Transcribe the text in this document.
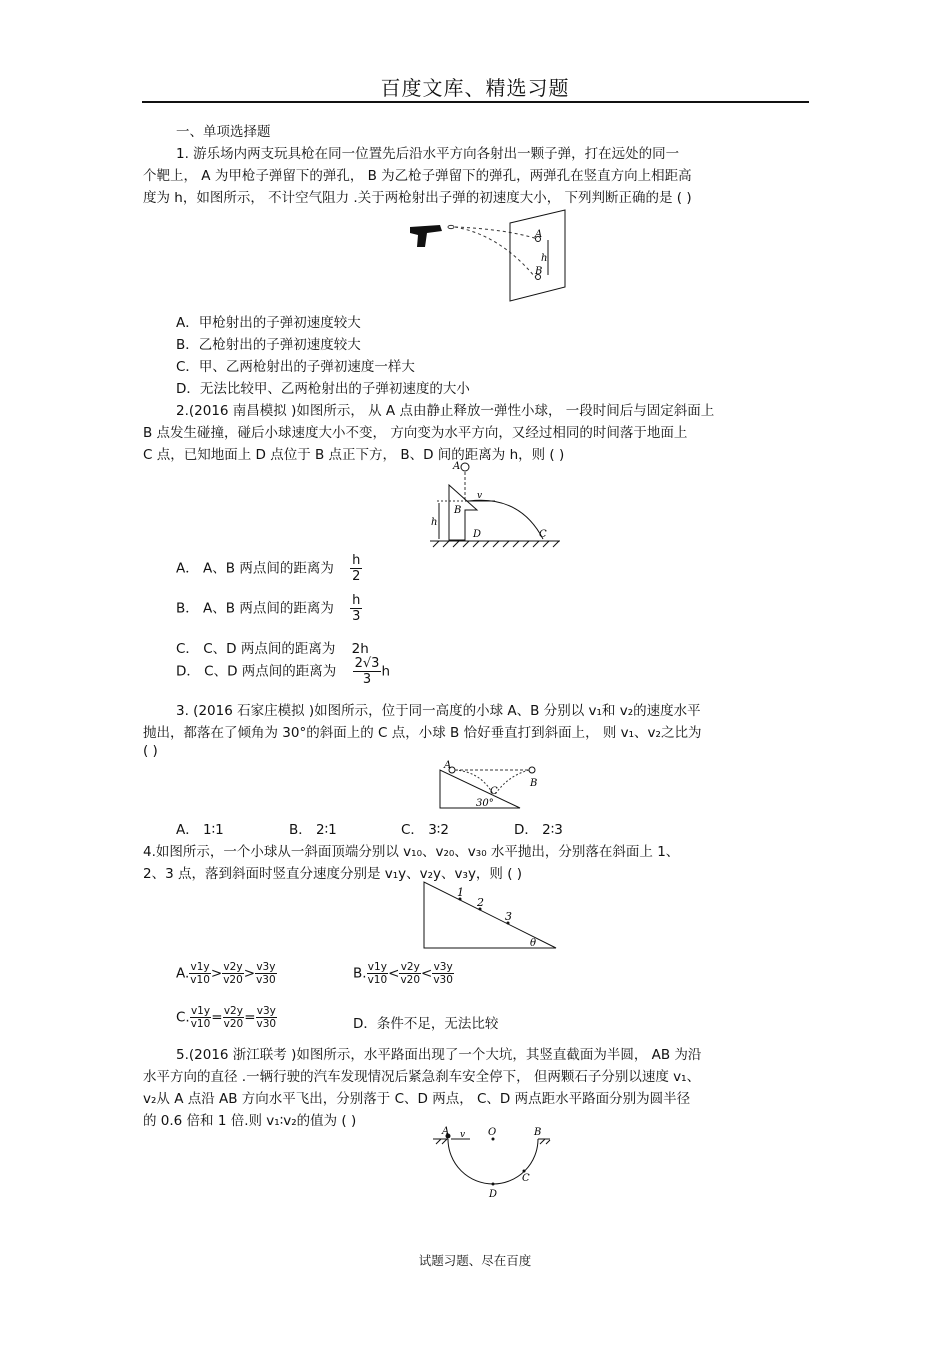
百度文库、精选习题
一、单项选择题
1. 游乐场内两支玩具枪在同一位置先后沿水平方向各射出一颗子弹，打在远处的同一
个靶上， A 为甲枪子弹留下的弹孔， B 为乙枪子弹留下的弹孔，两弹孔在竖直方向上相距高
度为 h，如图所示， 不计空气阻力 .关于两枪射出子弹的初速度大小， 下列判断正确的是 ( )
A
B
h
A．甲枪射出的子弹初速度较大
B．乙枪射出的子弹初速度较大
C．甲、乙两枪射出的子弹初速度一样大
D．无法比较甲、乙两枪射出的子弹初速度的大小
2.(2016 南昌模拟 )如图所示， 从 A 点由静止释放一弹性小球， 一段时间后与固定斜面上
B 点发生碰撞，碰后小球速度大小不变， 方向变为水平方向，又经过相同的时间落于地面上
C 点，已知地面上 D 点位于 B 点正下方， B、D 间的距离为 h，则 ( )
A
B
v
h
D	C
A． A、B 两点间的距离为 $\frac{h}{2}$
B． A、B 两点间的距离为 $\frac{h}{3}$
C． C、D 两点间的距离为 2h
D． C、D 两点间的距离为 $\frac{2√3}{3}$ h
3. (2016 石家庄模拟 )如图所示，位于同一高度的小球 A、B 分别以 v₁和 v₂的速度水平
抛出，都落在了倾角为 30°的斜面上的 C 点，小球 B 恰好垂直打到斜面上， 则 v₁、v₂之比为
( )
A
B
C
30°
A． 1∶1	B． 2∶1	C． 3∶2	D． 2∶3
4.如图所示，一个小球从一斜面顶端分别以 v₁₀、v₂₀、v₃₀ 水平抛出，分别落在斜面上 1、
2、3 点，落到斜面时竖直分速度分别是 v₁y、v₂y、v₃y，则 ( )
1
2
3
θ
A. $\frac{v1y}{v10} > \frac{v2y}{v20} > \frac{v3y}{v30}$	B. $\frac{v1y}{v10} < \frac{v2y}{v20} < \frac{v3y}{v30}$
C. $\frac{v1y}{v10} = \frac{v2y}{v20} = \frac{v3y}{v30}$	D．条件不足，无法比较
5.(2016 浙江联考 )如图所示，水平路面出现了一个大坑，其竖直截面为半圆， AB 为沿
水平方向的直径 .一辆行驶的汽车发现情况后紧急刹车安全停下， 但两颗石子分别以速度 v₁、
v₂从 A 点沿 AB 方向水平飞出，分别落于 C、D 两点， C、D 两点距水平路面分别为圆半径
的 0.6 倍和 1 倍.则 v₁∶v₂的值为 ( )
A v O	B
D
C
试题习题、尽在百度
